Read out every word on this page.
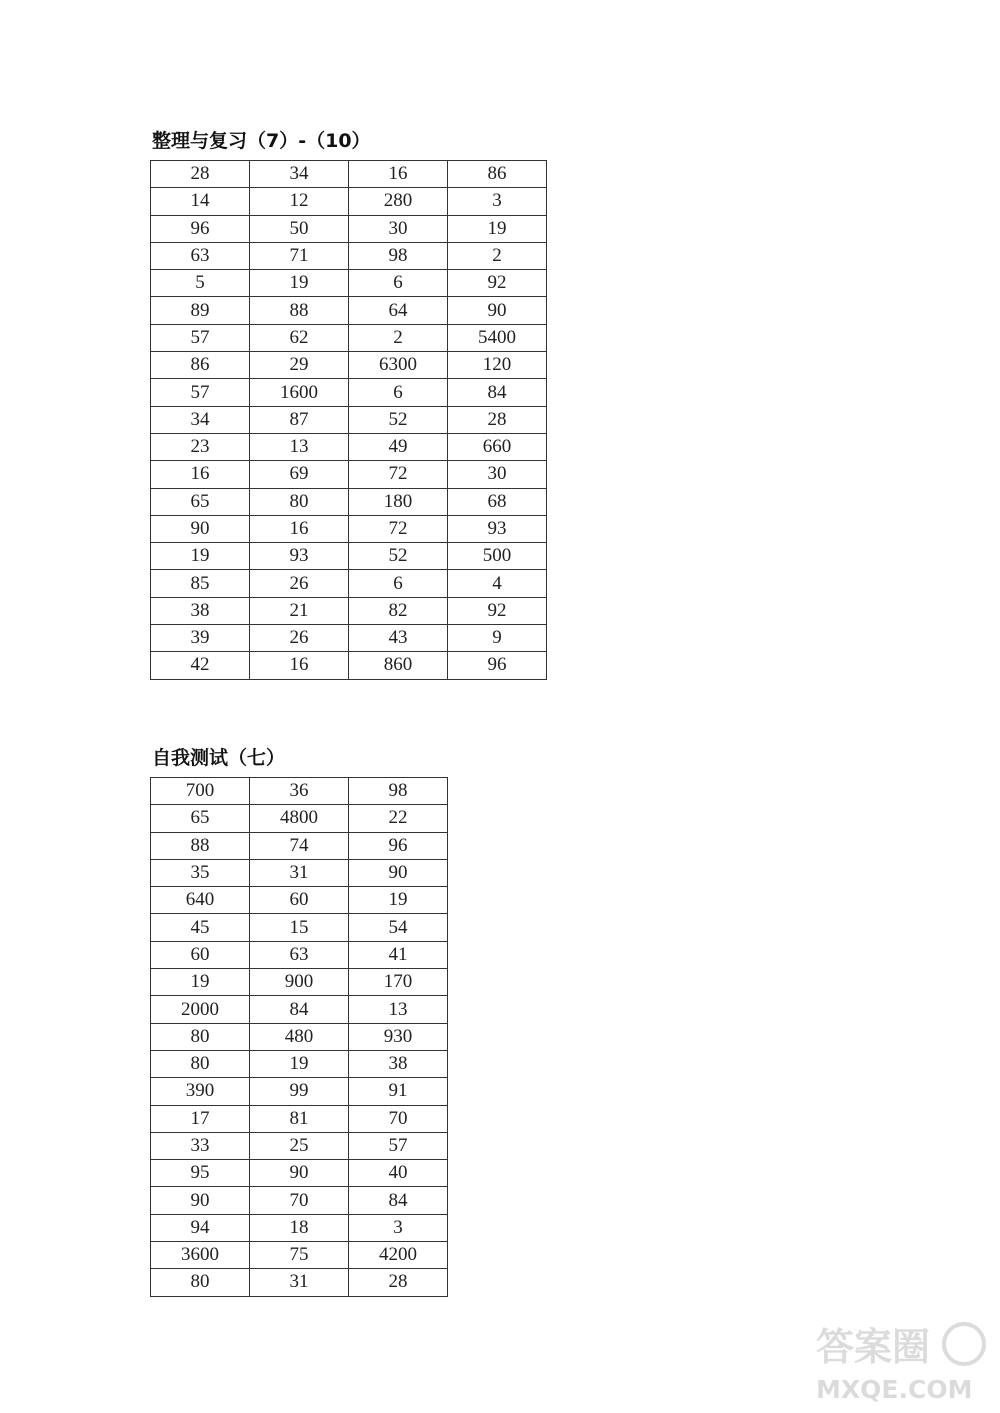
整理与复习（7）-（10）
28	34	16	86
14	12	280	3
96	50	30	19
63	71	98	2
5	19	6	92
89	88	64	90
57	62	2	5400
86	29	6300	120
57	1600	6	84
34	87	52	28
23	13	49	660
16	69	72	30
65	80	180	68
90	16	72	93
19	93	52	500
85	26	6	4
38	21	82	92
39	26	43	9
42	16	860	96
自我测试（七）
700	36	98
65	4800	22
88	74	96
35	31	90
640	60	19
45	15	54
60	63	41
19	900	170
2000	84	13
80	480	930
80	19	38
390	99	91
17	81	70
33	25	57
95	90	40
90	70	84
94	18	3
3600	75	4200
80	31	28
答案圈
MXQE.COM
